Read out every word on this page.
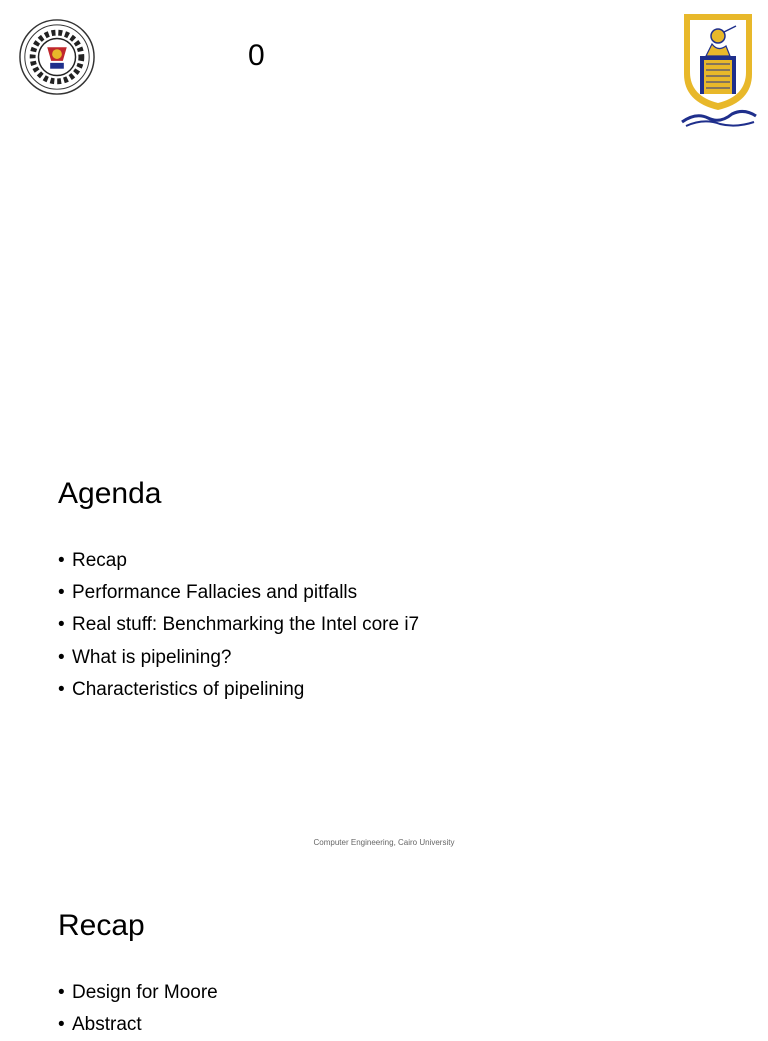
0
Agenda
• Recap
• Performance Fallacies and pitfalls
• Real stuff: Benchmarking the Intel core i7
• What is pipelining?
• Characteristics of pipelining
Computer Engineering, Cairo University
Recap
• Design for Moore
• Abstract
